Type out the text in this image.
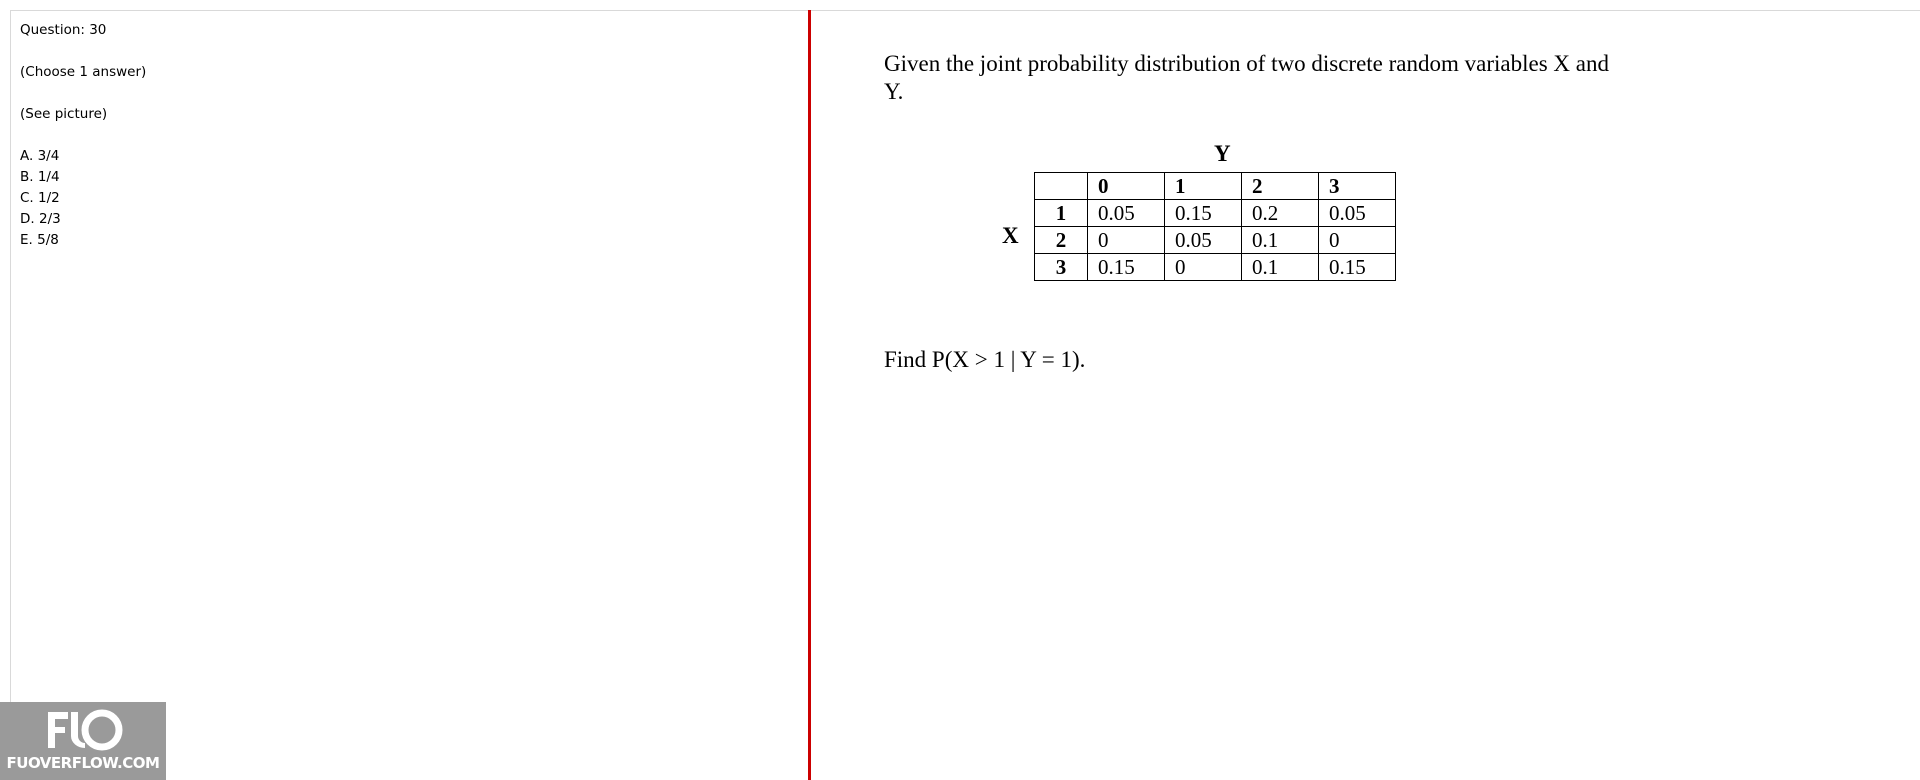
Question: 30
(Choose 1 answer)
(See picture)
A. 3/4
B. 1/4
C. 1/2
D. 2/3
E. 5/8
Given the joint probability distribution of two discrete random variables X and Y.
Y
X
	0	1	2	3
1	0.05	0.15	0.2	0.05
2	0	0.05	0.1	0
3	0.15	0	0.1	0.15
Find P(X > 1 | Y = 1).
FUOVERFLOW.COM
